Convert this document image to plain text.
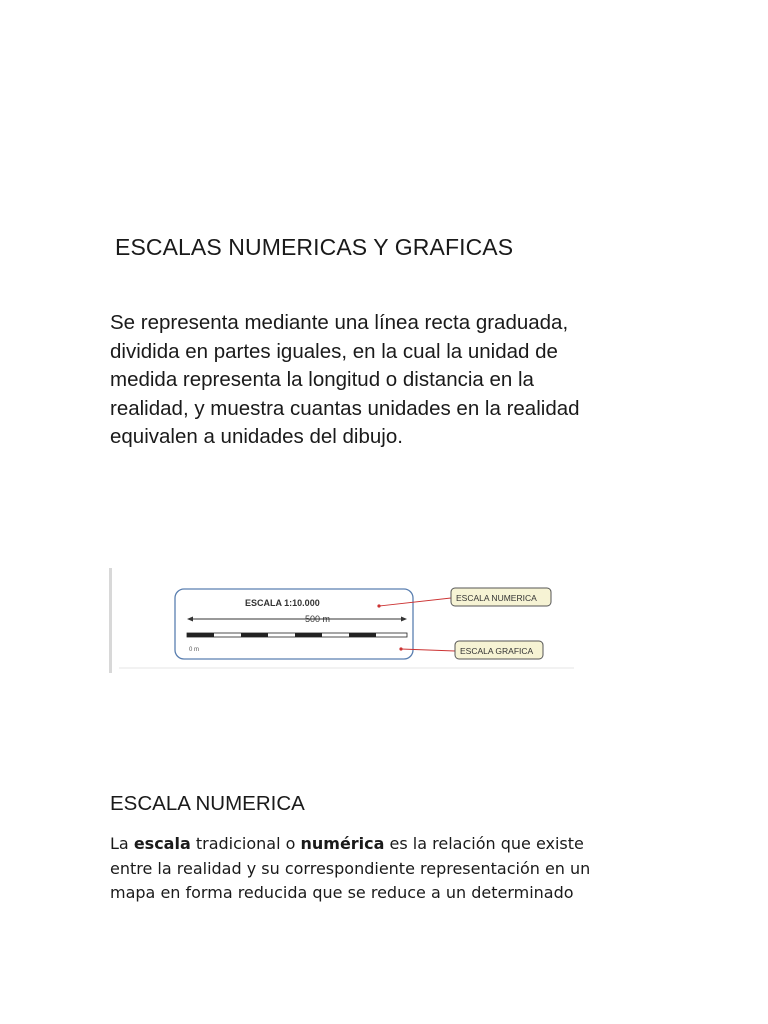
ESCALAS NUMERICAS Y GRAFICAS

Se representa mediante una línea recta graduada,
dividida en partes iguales, en la cual la unidad de
medida representa la longitud o distancia en la
realidad, y muestra cuantas unidades en la realidad
equivalen a unidades del dibujo.

ESCALA 1:10.000
500 m
0 m
ESCALA NUMERICA
ESCALA GRAFICA
ESCALA NUMERICA
La escala tradicional o numérica es la relación que existe
entre la realidad y su correspondiente representación en un
mapa en forma reducida que se reduce a un determinado
